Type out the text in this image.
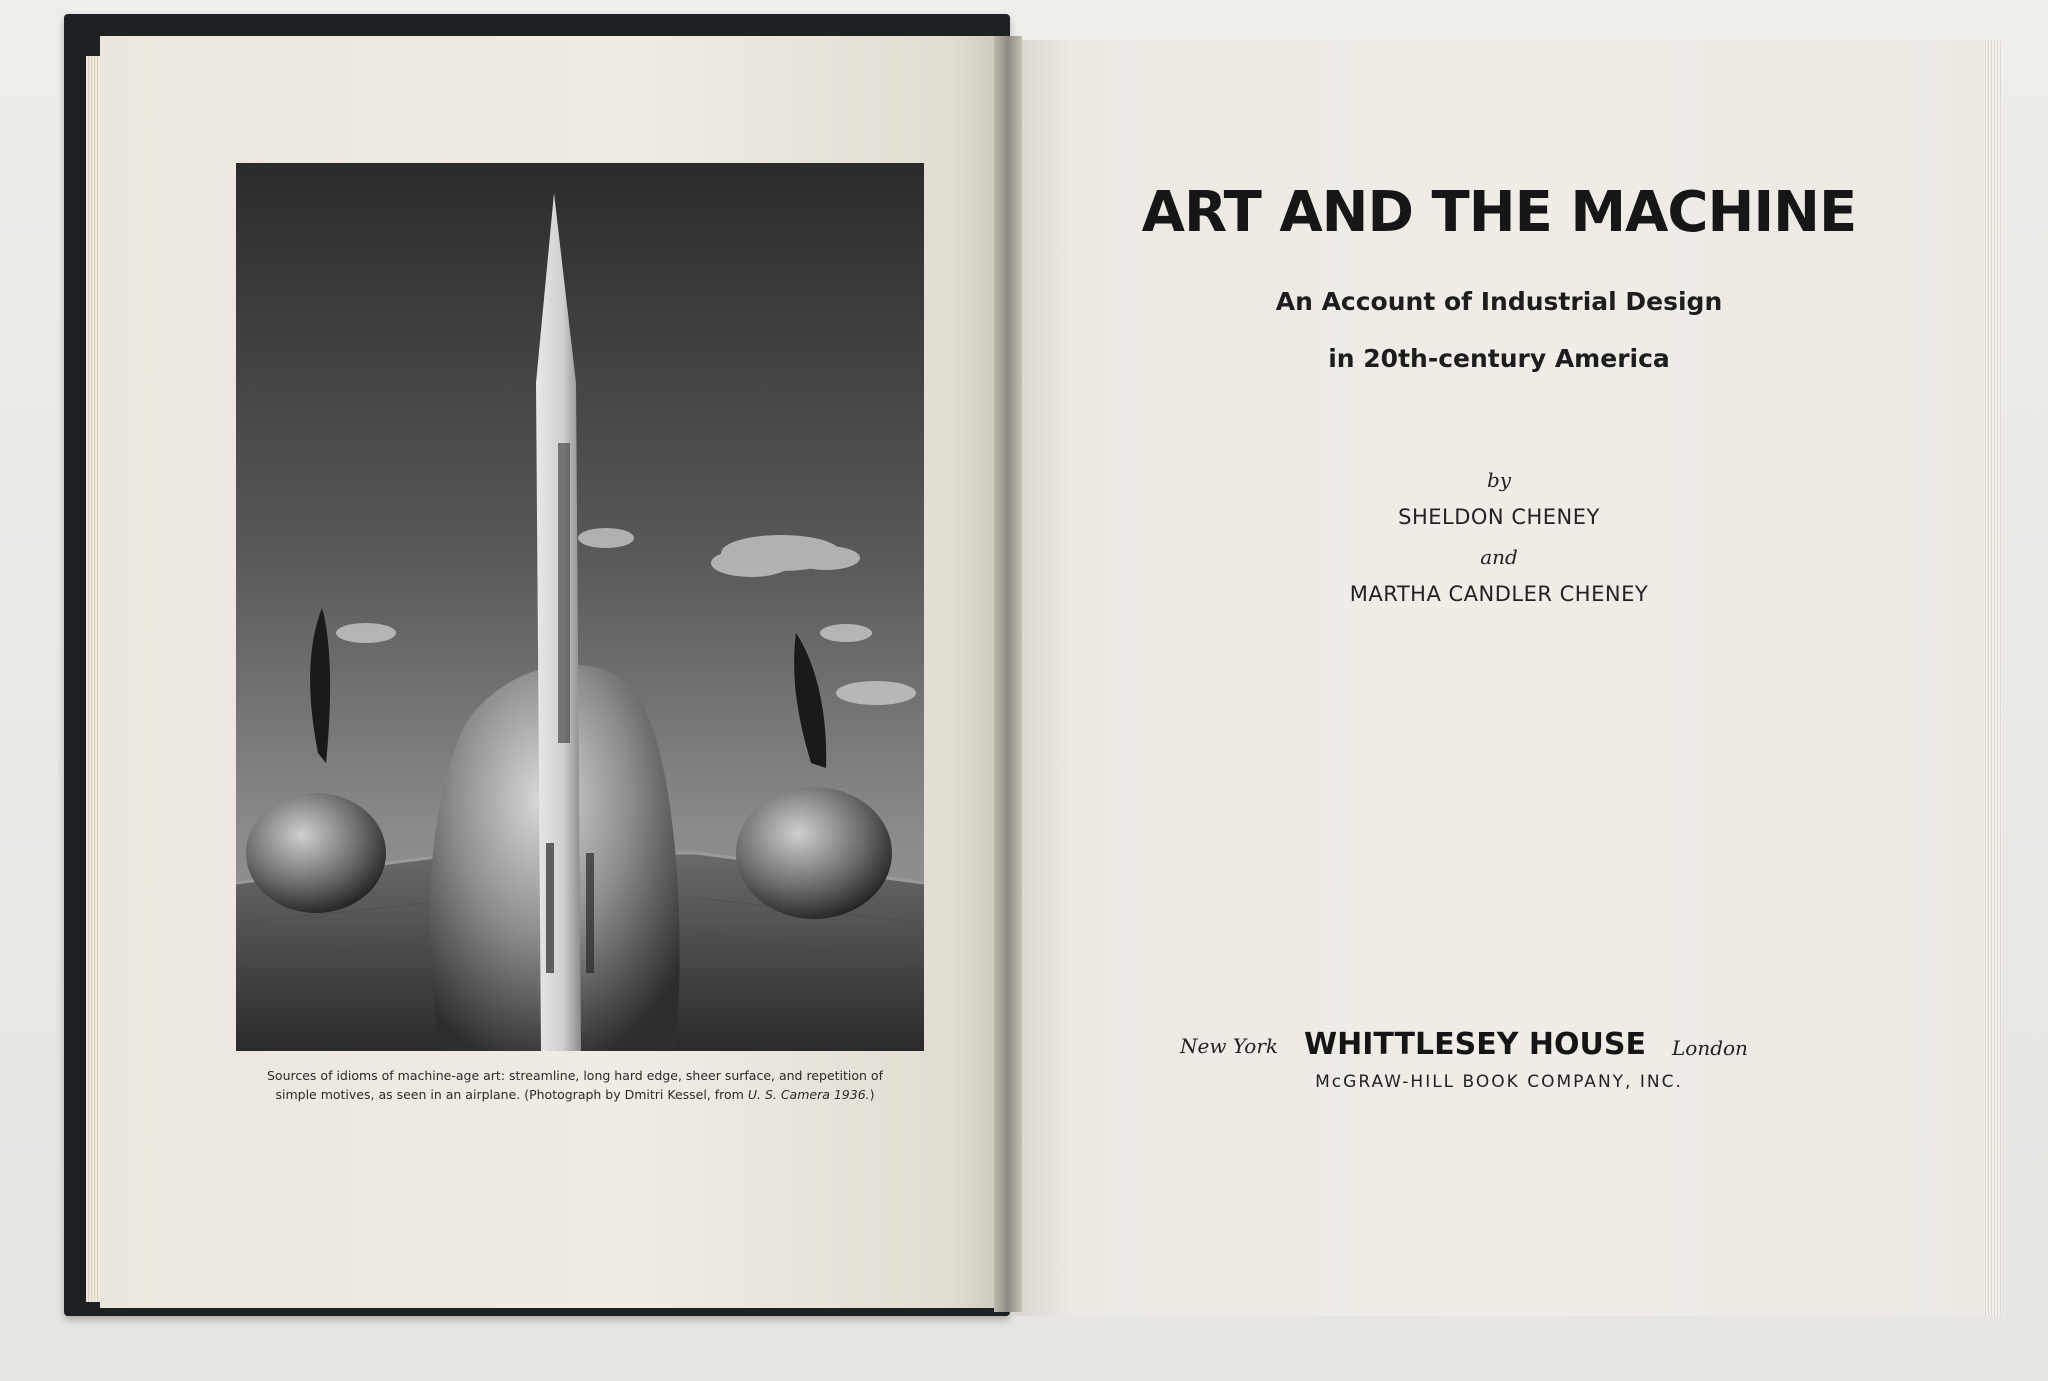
Sources of idioms of machine-age art: streamline, long hard edge, sheer surface, and repetition of
simple motives, as seen in an airplane. (Photograph by Dmitri Kessel, from U. S. Camera 1936.)
ART AND THE MACHINE
An Account of Industrial Design
in 20th-century America
by
SHELDON CHENEY
and
MARTHA CANDLER CHENEY
New York WHITTLESEY HOUSE London
McGRAW-HILL BOOK COMPANY, INC.
